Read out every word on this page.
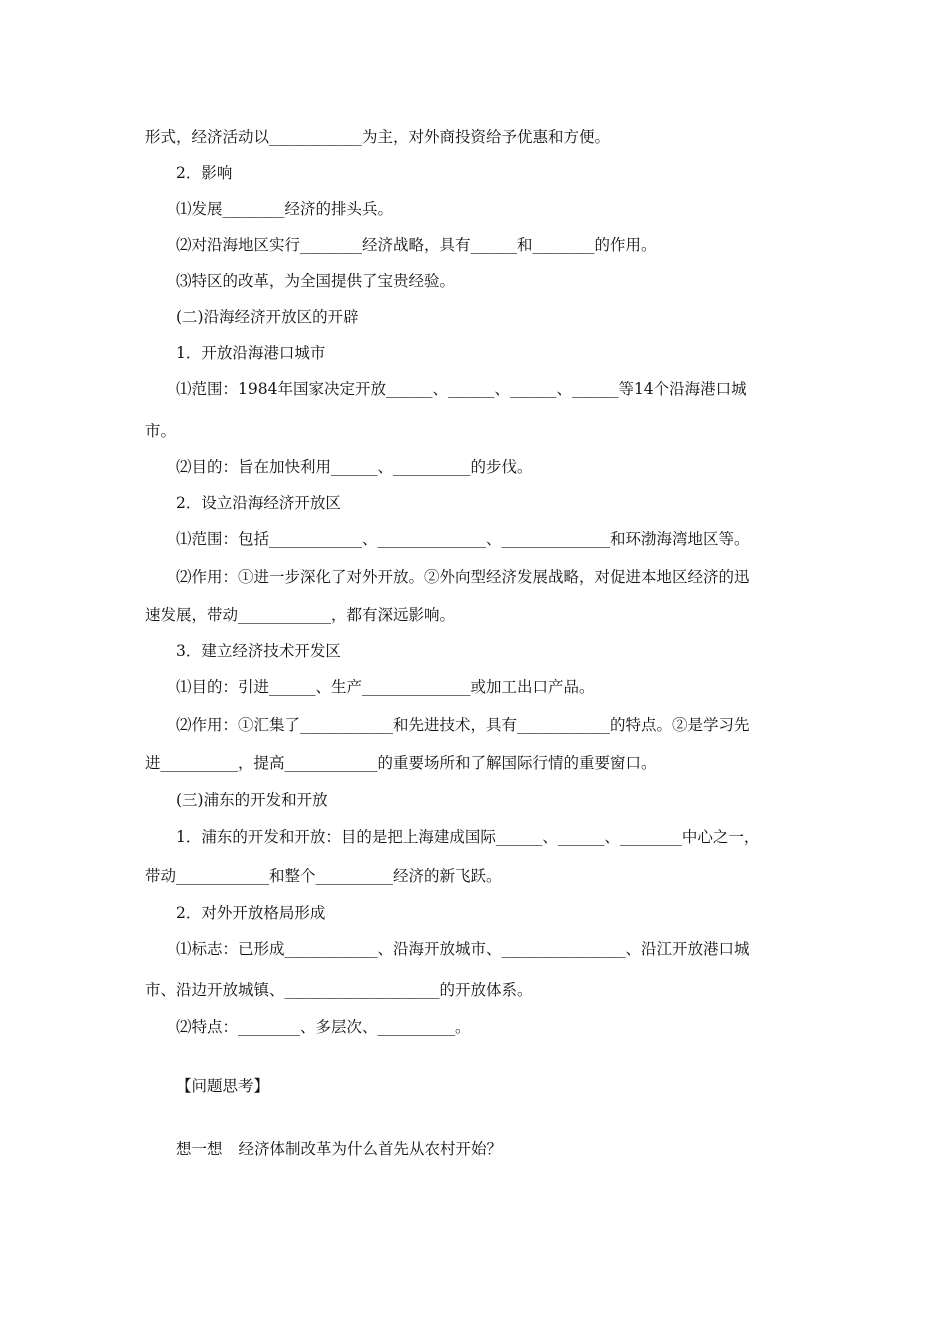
形式，经济活动以____________为主，对外商投资给予优惠和方便。
2．影响
⑴发展________经济的排头兵。
⑵对沿海地区实行________经济战略，具有______和________的作用。
⑶特区的改革，为全国提供了宝贵经验。
(二)沿海经济开放区的开辟
1．开放沿海港口城市
⑴范围：1984年国家决定开放______、______、______、______等14个沿海港口城
市。
⑵目的：旨在加快利用______、__________的步伐。
2．设立沿海经济开放区
⑴范围：包括____________、______________、______________和环渤海湾地区等。
⑵作用：①进一步深化了对外开放。②外向型经济发展战略，对促进本地区经济的迅
速发展，带动____________，都有深远影响。
3．建立经济技术开发区
⑴目的：引进______、生产______________或加工出口产品。
⑵作用：①汇集了____________和先进技术，具有____________的特点。②是学习先
进__________，提高____________的重要场所和了解国际行情的重要窗口。
(三)浦东的开发和开放
1．浦东的开发和开放：目的是把上海建成国际______、______、________中心之一，
带动____________和整个__________经济的新飞跃。
2．对外开放格局形成
⑴标志：已形成____________、沿海开放城市、________________、沿江开放港口城
市、沿边开放城镇、____________________的开放体系。
⑵特点：________、多层次、__________。
【问题思考】
想一想 经济体制改革为什么首先从农村开始？
